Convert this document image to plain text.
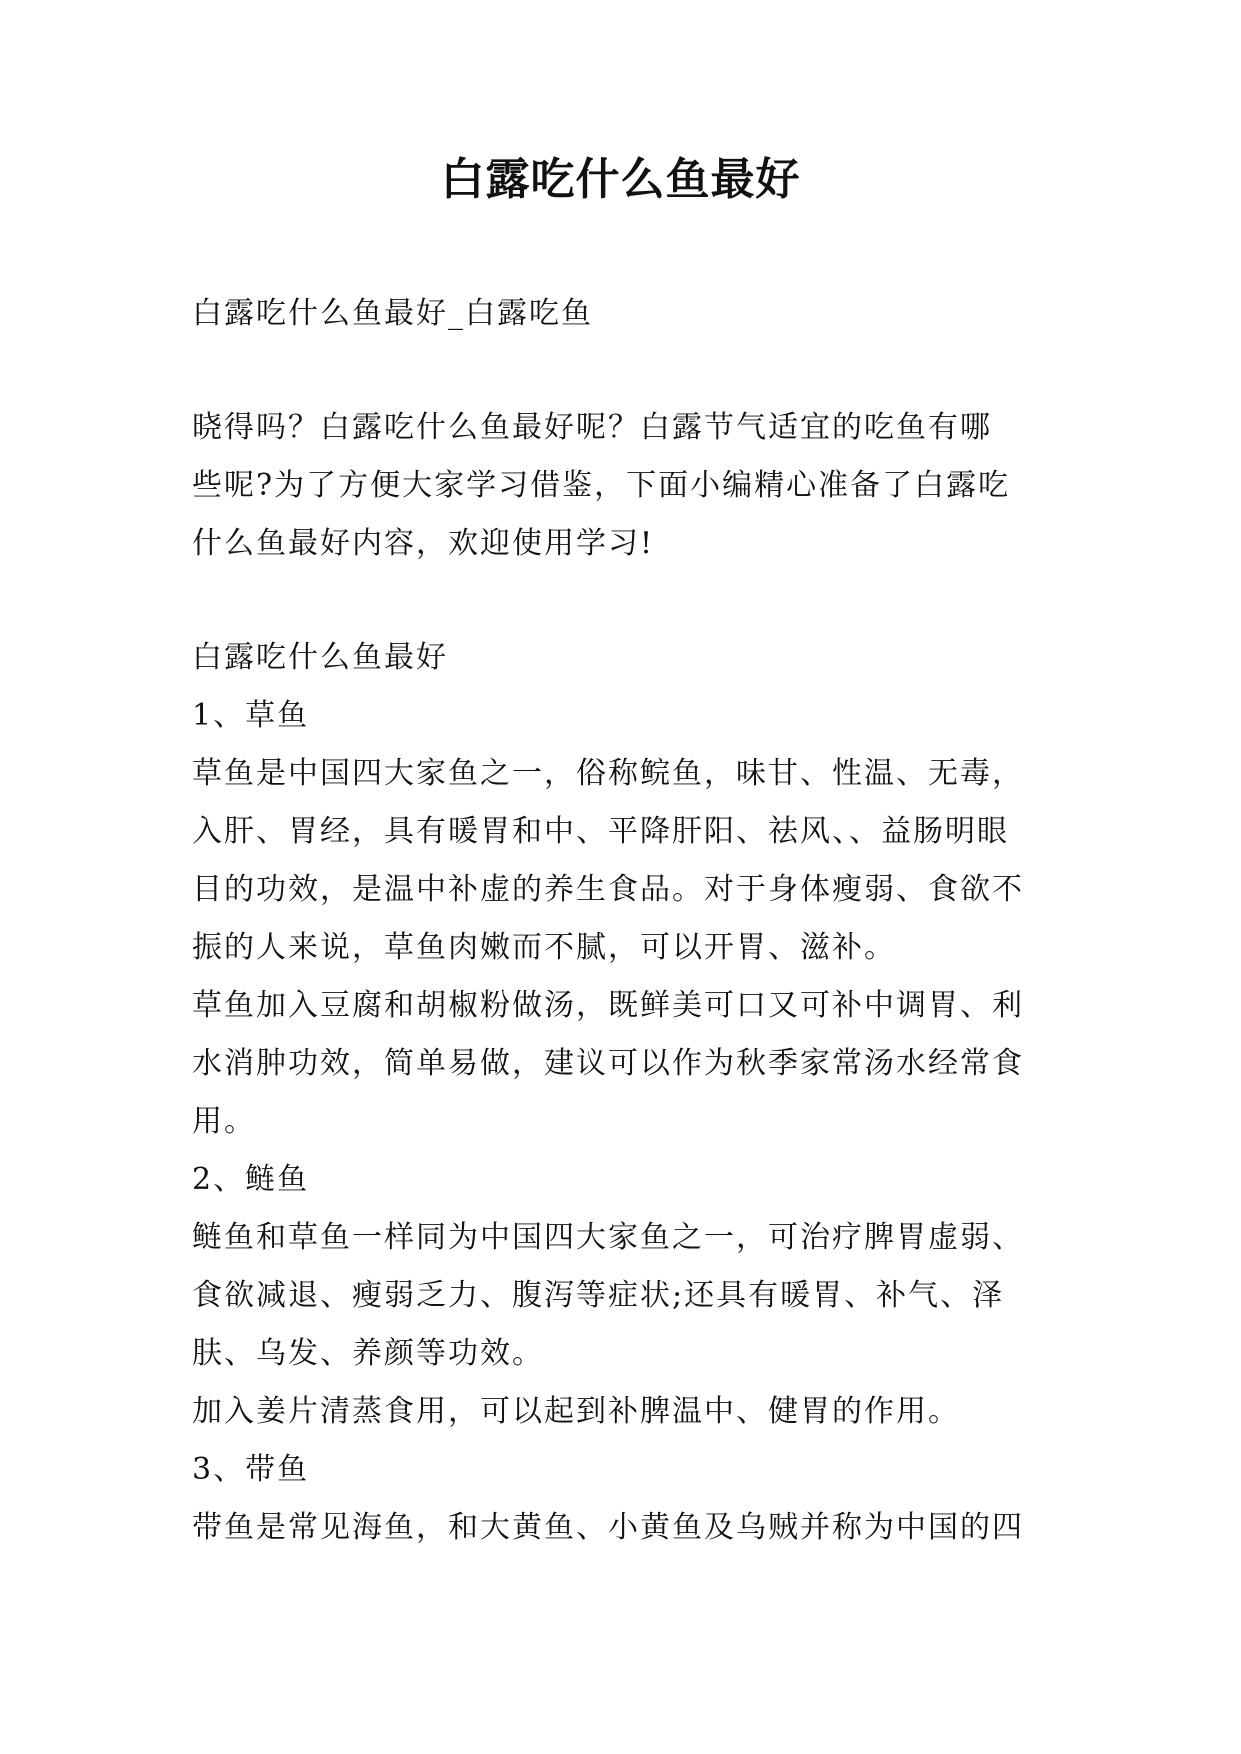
白露吃什么鱼最好

白露吃什么鱼最好_白露吃鱼

晓得吗？白露吃什么鱼最好呢？白露节气适宜的吃鱼有哪

些呢?为了方便大家学习借鉴，下面小编精心准备了白露吃

什么鱼最好内容，欢迎使用学习!

白露吃什么鱼最好

1、草鱼

草鱼是中国四大家鱼之一，俗称鲩鱼，味甘、性温、无毒，

入肝、胃经，具有暖胃和中、平降肝阳、祛风、、益肠明眼

目的功效，是温中补虚的养生食品。对于身体瘦弱、食欲不

振的人来说，草鱼肉嫩而不腻，可以开胃、滋补。

草鱼加入豆腐和胡椒粉做汤，既鲜美可口又可补中调胃、利

水消肿功效，简单易做，建议可以作为秋季家常汤水经常食

用。

2、鲢鱼

鲢鱼和草鱼一样同为中国四大家鱼之一，可治疗脾胃虚弱、

食欲减退、瘦弱乏力、腹泻等症状;还具有暖胃、补气、泽

肤、乌发、养颜等功效。

加入姜片清蒸食用，可以起到补脾温中、健胃的作用。

3、带鱼

带鱼是常见海鱼，和大黄鱼、小黄鱼及乌贼并称为中国的四
